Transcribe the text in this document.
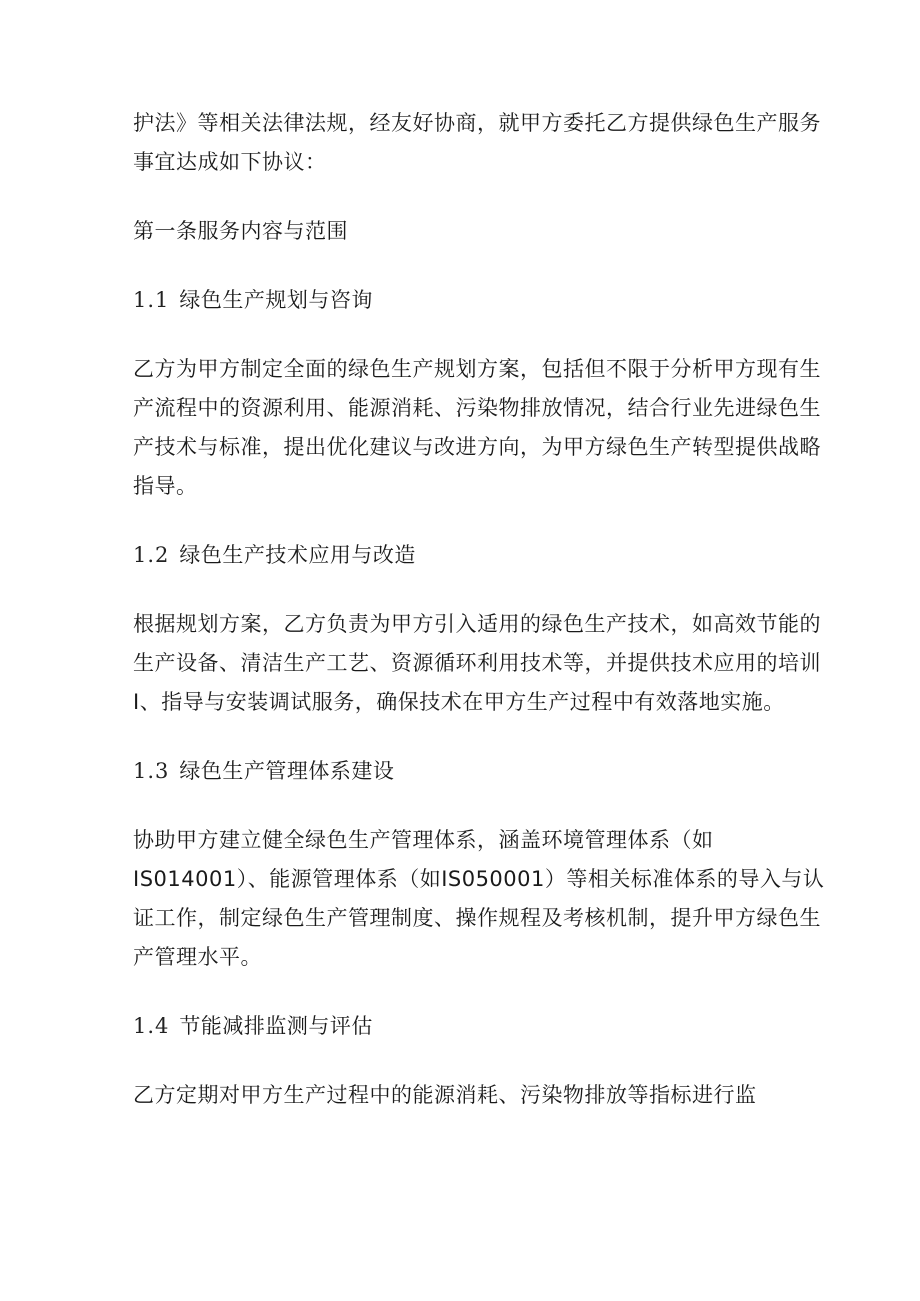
护法》等相关法律法规，经友好协商，就甲方委托乙方提供绿色生产服务
事宜达成如下协议：

第一条服务内容与范围

1.1 绿色生产规划与咨询

乙方为甲方制定全面的绿色生产规划方案，包括但不限于分析甲方现有生
产流程中的资源利用、能源消耗、污染物排放情况，结合行业先进绿色生
产技术与标准，提出优化建议与改进方向，为甲方绿色生产转型提供战略
指导。

1.2 绿色生产技术应用与改造

根据规划方案，乙方负责为甲方引入适用的绿色生产技术，如高效节能的
生产设备、清洁生产工艺、资源循环利用技术等，并提供技术应用的培训
I、指导与安装调试服务，确保技术在甲方生产过程中有效落地实施。

1.3 绿色生产管理体系建设

协助甲方建立健全绿色生产管理体系，涵盖环境管理体系（如
IS014001）、能源管理体系（如IS050001）等相关标准体系的导入与认
证工作，制定绿色生产管理制度、操作规程及考核机制，提升甲方绿色生
产管理水平。

1.4 节能减排监测与评估

乙方定期对甲方生产过程中的能源消耗、污染物排放等指标进行监
